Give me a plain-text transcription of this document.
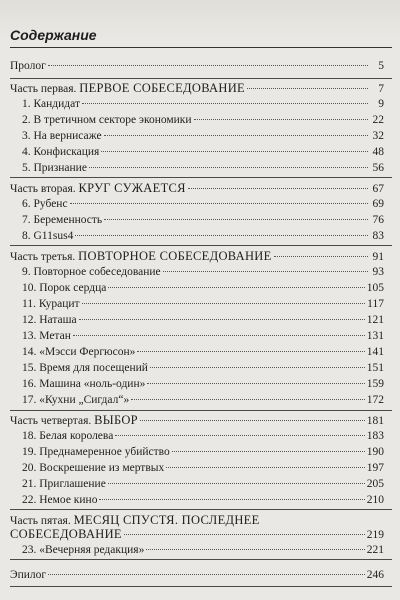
Содержание
Пролог	5
Часть первая. ПЕРВОЕ СОБЕСЕДОВАНИЕ	7
1. Кандидат	9
2. В третичном секторе экономики	22
3. На вернисаже	32
4. Конфискация	48
5. Признание	56
Часть вторая. КРУГ СУЖАЕТСЯ	67
6. Рубенс	69
7. Беременность	76
8. G11sus4	83
Часть третья. ПОВТОРНОЕ СОБЕСЕДОВАНИЕ	91
9. Повторное собеседование	93
10. Порок сердца	105
11. Курацит	117
12. Наташа	121
13. Метан	131
14. «Мэсси Фергюсон»	141
15. Время для посещений	151
16. Машина «ноль-один»	159
17. «Кухни „Сигдал“»	172
Часть четвертая. ВЫБОР	181
18. Белая королева	183
19. Преднамеренное убийство	190
20. Воскрешение из мертвых	197
21. Приглашение	205
22. Немое кино	210
Часть пятая. МЕСЯЦ СПУСТЯ. ПОСЛЕДНЕЕ
СОБЕСЕДОВАНИЕ	219
23. «Вечерняя редакция»	221
Эпилог	246
